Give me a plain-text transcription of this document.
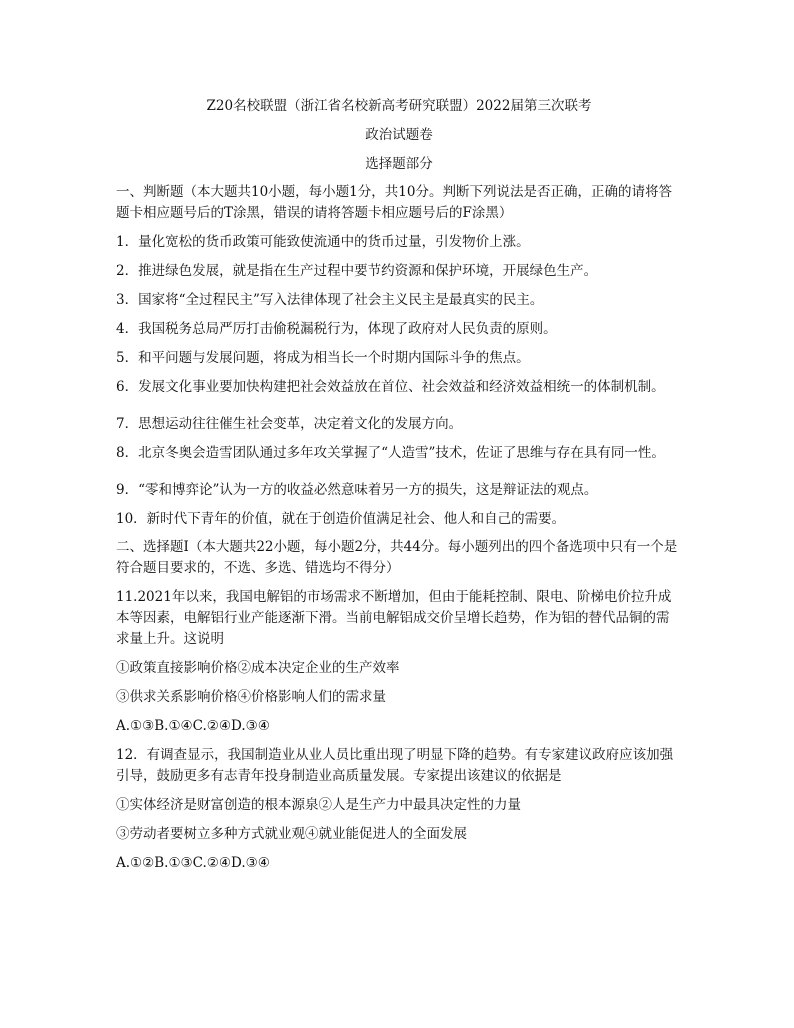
Z20名校联盟（浙江省名校新高考研究联盟）2022届第三次联考
政治试题卷
选择题部分
一、判断题（本大题共10小题，每小题1分，共10分。判断下列说法是否正确，正确的请将答题卡相应题号后的T涂黑，错误的请将答题卡相应题号后的F涂黑）
1．量化宽松的货币政策可能致使流通中的货币过量，引发物价上涨。
2．推进绿色发展，就是指在生产过程中要节约资源和保护环境，开展绿色生产。
3．国家将“全过程民主”写入法律体现了社会主义民主是最真实的民主。
4．我国税务总局严厉打击偷税漏税行为，体现了政府对人民负责的原则。
5．和平问题与发展问题，将成为相当长一个时期内国际斗争的焦点。
6．发展文化事业要加快构建把社会效益放在首位、社会效益和经济效益相统一的体制机制。
7．思想运动往往催生社会变革，决定着文化的发展方向。
8．北京冬奥会造雪团队通过多年攻关掌握了“人造雪”技术，佐证了思维与存在具有同一性。
9．“零和博弈论”认为一方的收益必然意味着另一方的损失，这是辩证法的观点。
10．新时代下青年的价值，就在于创造价值满足社会、他人和自己的需要。
二、选择题Ⅰ（本大题共22小题，每小题2分，共44分。每小题列出的四个备选项中只有一个是符合题目要求的，不选、多选、错选均不得分）
11.2021年以来，我国电解铝的市场需求不断增加，但由于能耗控制、限电、阶梯电价拉升成本等因素，电解铝行业产能逐渐下滑。当前电解铝成交价呈增长趋势，作为铝的替代品铜的需求量上升。这说明
①政策直接影响价格②成本决定企业的生产效率
③供求关系影响价格④价格影响人们的需求量
A.①③B.①④C.②④D.③④
12．有调查显示，我国制造业从业人员比重出现了明显下降的趋势。有专家建议政府应该加强引导，鼓励更多有志青年投身制造业高质量发展。专家提出该建议的依据是
①实体经济是财富创造的根本源泉②人是生产力中最具决定性的力量
③劳动者要树立多种方式就业观④就业能促进人的全面发展
A.①②B.①③C.②④D.③④
